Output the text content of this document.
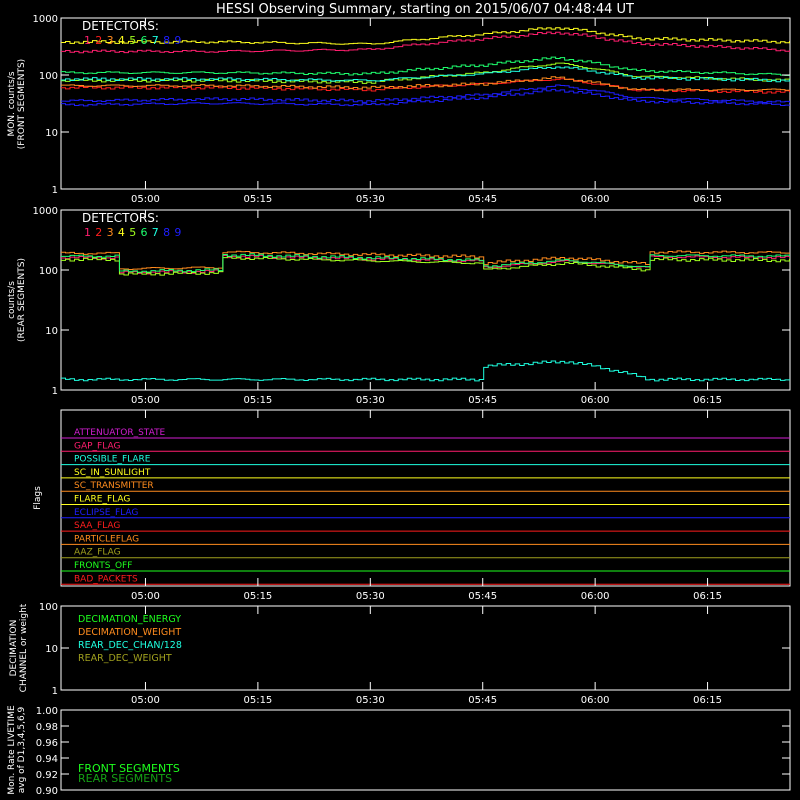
HESSI Observing Summary, starting on 2015/06/07 04:48:44 UT
1
10
100
1000
05:00	05:15	05:30	05:45	06:00	06:15
MON. counts/s (FRONT SEGMENTS)
DETECTORS:
1 2 3 4 5 6 7 8 9
1
10
100
1000
05:00	05:15	05:30	05:45	06:00	06:15
counts/s (REAR SEGMENTS)
DETECTORS:
1 2 3 4 5 6 7 8 9
ATTENUATOR_STATE
GAP_FLAG
POSSIBLE_FLARE
SC_IN_SUNLIGHT
SC_TRANSMITTER
FLARE_FLAG
ECLIPSE_FLAG
SAA_FLAG
PARTICLEFLAG
AAZ_FLAG
FRONTS_OFF
BAD_PACKETS
05:00	05:15	05:30	05:45	06:00	06:15
Flags
1
10
100
05:00	05:15	05:30	05:45	06:00	06:15
DECIMATION CHANNEL or weight	DECIMATION_ENERGY
DECIMATION_WEIGHT
REAR_DEC_CHAN/128
REAR_DEC_WEIGHT
0.90
0.92
0.94
0.96
0.98
1.00
Mon. Rate LIVETIME avg of D1,3,4,5,6,9	FRONT SEGMENTS
REAR SEGMENTS
